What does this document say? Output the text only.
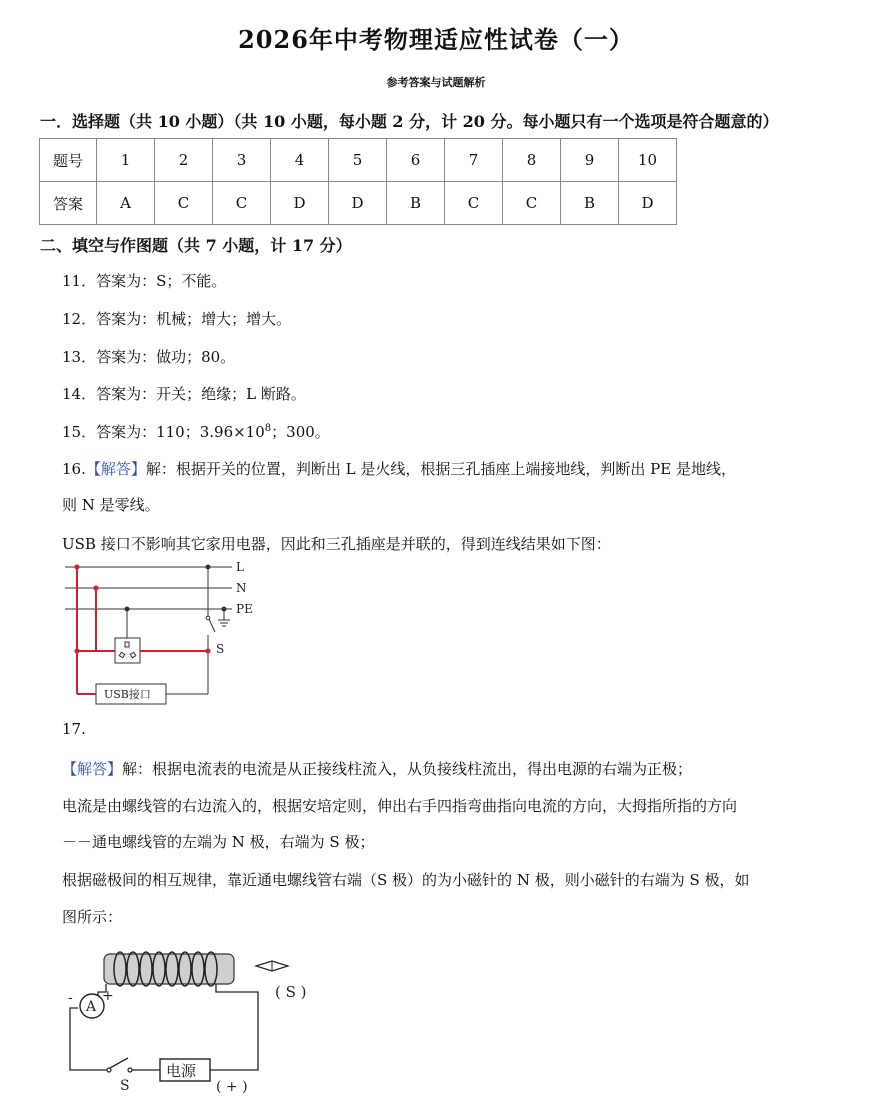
2026年中考物理适应性试卷（一）
参考答案与试题解析
一．选择题（共 10 小题）（共 10 小题，每小题 2 分，计 20 分。每小题只有一个选项是符合题意的）
题号	1	2	3	4	5	6	7	8	9	10
答案	A	C	C	D	D	B	C	C	B	D
二、填空与作图题（共 7 小题，计 17 分）
11．答案为：S；不能。
12．答案为：机械；增大；增大。
13．答案为：做功；80。
14．答案为：开关；绝缘；L 断路。
15．答案为：110；$3.96\times 10^8$；300。
16.【解答】解：根据开关的位置，判断出 L 是火线，根据三孔插座上端接地线，判断出 PE 是地线，
则 N 是零线。
USB 接口不影响其它家用电器，因此和三孔插座是并联的，得到连线结果如下图：
L
N
PE
S
USB接口
17.
【解答】解：根据电流表的电流是从正接线柱流入，从负接线柱流出，得出电源的右端为正极；
电流是由螺线管的右边流入的，根据安培定则，伸出右手四指弯曲指向电流的方向，大拇指所指的方向
－－通电螺线管的左端为 N 极，右端为 S 极；
根据磁极间的相互规律，靠近通电螺线管右端（S 极）的为小磁针的 N 极，则小磁针的右端为 S 极，如
图所示：
A
- +	( S )
S
电源
( + )
